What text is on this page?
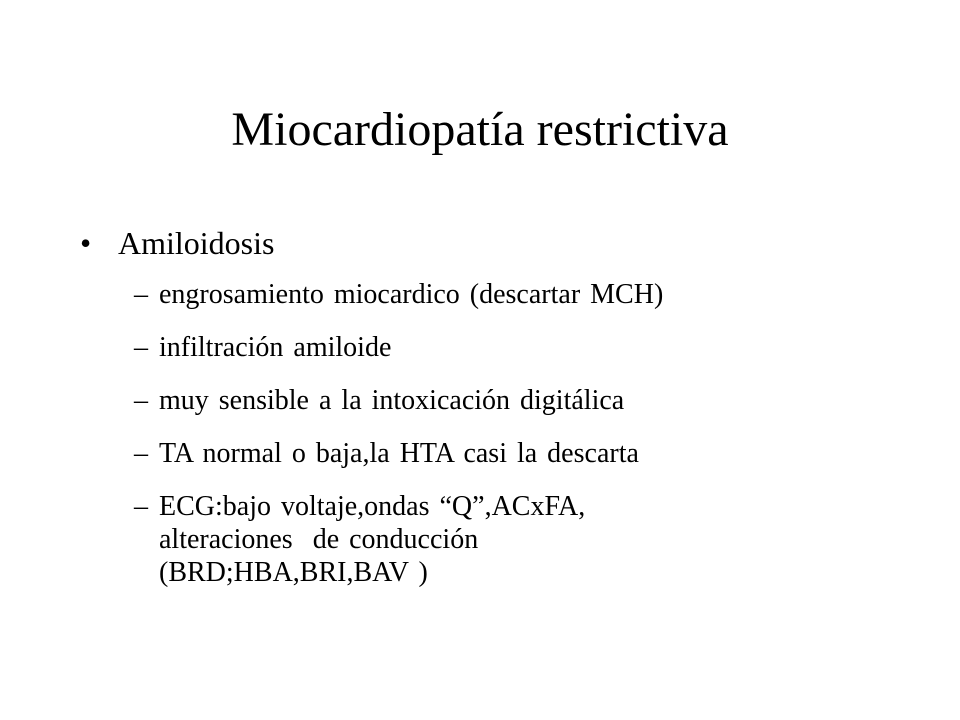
Miocardiopatía restrictiva
• Amiloidosis
– engrosamiento miocardico (descartar MCH)
– infiltración amiloide
– muy sensible a la intoxicación digitálica
– TA normal o baja,la HTA casi la descarta
– ECG:bajo voltaje,ondas “Q”,ACxFA,
alteraciones  de conducción
(BRD;HBA,BRI,BAV )
